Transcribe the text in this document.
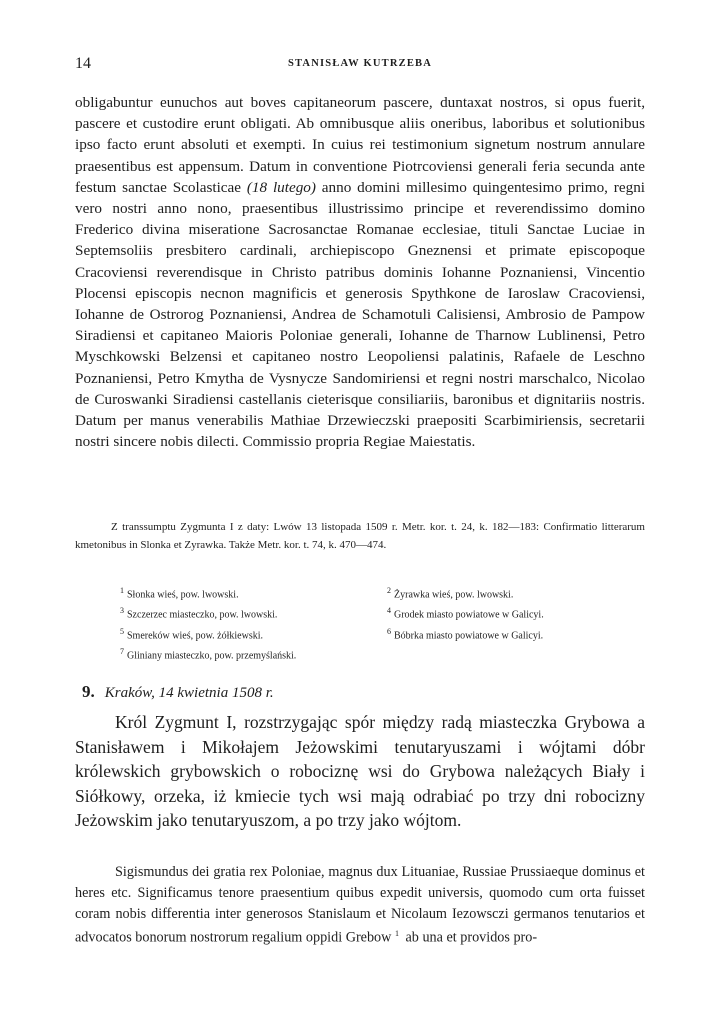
14	STANISŁAW KUTRZEBA

obligabuntur eunuchos aut boves capitaneorum pascere, duntaxat nostros, si opus fuerit, pascere et custodire erunt obligati. Ab omnibusque aliis oneribus, laboribus et solutionibus ipso facto erunt absoluti et exempti. In cuius rei testimonium signetum nostrum annulare praesentibus est appensum. Datum in conventione Piotrcoviensi generali feria secunda ante festum sanctae Scolasticae (18 lutego) anno domini millesimo quingentesimo primo, regni vero nostri anno nono, praesentibus illustrissimo principe et reverendissimo domino Frederico divina miseratione Sacrosanctae Romanae ecclesiae, tituli Sanctae Luciae in Septemsoliis presbitero cardinali, archiepiscopo Gneznensi et primate episcopoque Cracoviensi reverendisque in Christo patribus dominis Iohanne Poznaniensi, Vincentio Plocensi episcopis necnon magnificis et generosis Spythkone de Iaroslaw Cracoviensi, Iohanne de Ostrorog Poznaniensi, Andrea de Schamotuli Calisiensi, Ambrosio de Pampow Siradiensi et capitaneo Maioris Poloniae generali, Iohanne de Tharnow Lublinensi, Petro Myschkowski Belzensi et capitaneo nostro Leopoliensi palatinis, Rafaele de Leschno Poznaniensi, Petro Kmytha de Vysnycze Sandomiriensi et regni nostri marschalco, Nicolao de Curoswanki Siradiensi castellanis cieterisque consiliariis, baronibus et dignitariis nostris. Datum per manus venerabilis Mathiae Drzewieczski praepositi Scarbimiriensis, secretarii nostri sincere nobis dilecti. Commissio propria Regiae Maiestatis.

Z transsumptu Zygmunta I z daty: Lwów 13 listopada 1509 r. Metr. kor. t. 24, k. 182—183: Confirmatio litterarum kmetonibus in Slonka et Zyrawka. Także Metr. kor. t. 74, k. 470—474.

$^1$ Słonka wieś, pow. lwowski.
$^3$ Szczerzec miasteczko, pow. lwowski.
$^5$ Smereków wieś, pow. żółkiewski.
$^7$ Gliniany miasteczko, pow. przemyślański.
$^2$ Żyrawka wieś, pow. lwowski.
$^4$ Grodek miasto powiatowe w Galicyi.
$^6$ Bóbrka miasto powiatowe w Galicyi.
9. Kraków, 14 kwietnia 1508 r.

Król Zygmunt I, rozstrzygając spór między radą miasteczka Grybowa a Stanisławem i Mikołajem Jeżowskimi tenutaryuszami i wójtami dóbr królewskich grybowskich o robociznę wsi do Grybowa należących Biały i Siółkowy, orzeka, iż kmiecie tych wsi mają odrabiać po trzy dni robocizny Jeżowskim jako tenutaryuszom, a po trzy jako wójtom.

Sigismundus dei gratia rex Poloniae, magnus dux Lituaniae, Russiae Prussiaeque dominus et heres etc. Significamus tenore praesentium quibus expedit universis, quomodo cum orta fuisset coram nobis differentia inter generosos Stanislaum et Nicolaum Iezowsczi germanos tenutarios et advocatos bonorum nostrorum regalium oppidi Grebow $^1$ ab una et providos pro-
